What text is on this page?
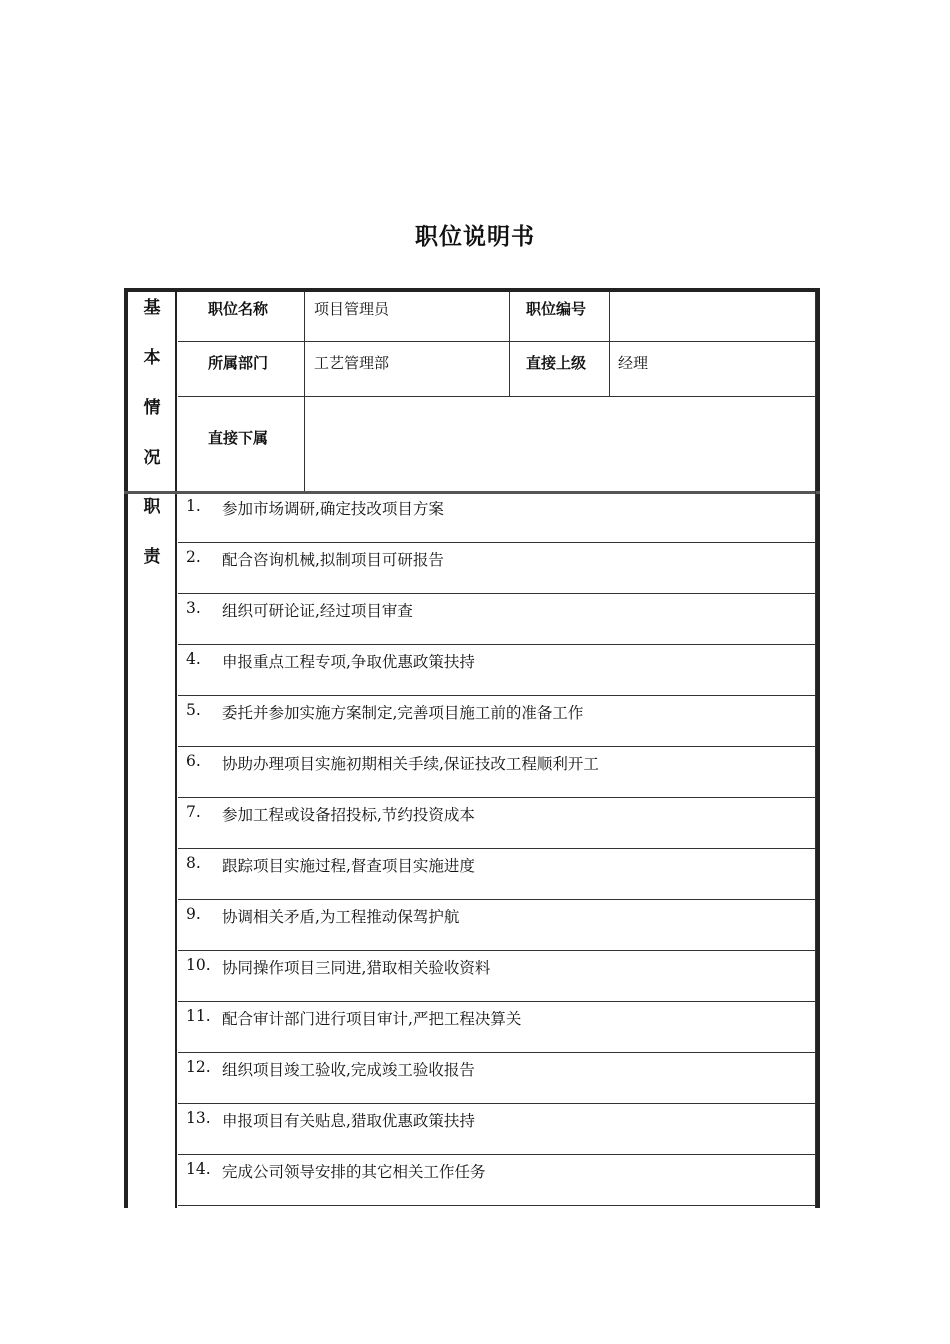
职位说明书
基
本
情
况
职
责
职位名称	项目管理员	职位编号
所属部门	工艺管理部	直接上级	经理
直接下属
1. 参加市场调研,确定技改项目方案
2. 配合咨询机械,拟制项目可研报告
3. 组织可研论证,经过项目审查
4. 申报重点工程专项,争取优惠政策扶持
5. 委托并参加实施方案制定,完善项目施工前的准备工作
6. 协助办理项目实施初期相关手续,保证技改工程顺利开工
7. 参加工程或设备招投标,节约投资成本
8. 跟踪项目实施过程,督查项目实施进度
9. 协调相关矛盾,为工程推动保驾护航
10. 协同操作项目三同进,猎取相关验收资料
11. 配合审计部门进行项目审计,严把工程决算关
12. 组织项目竣工验收,完成竣工验收报告
13. 申报项目有关贴息,猎取优惠政策扶持
14. 完成公司领导安排的其它相关工作任务
